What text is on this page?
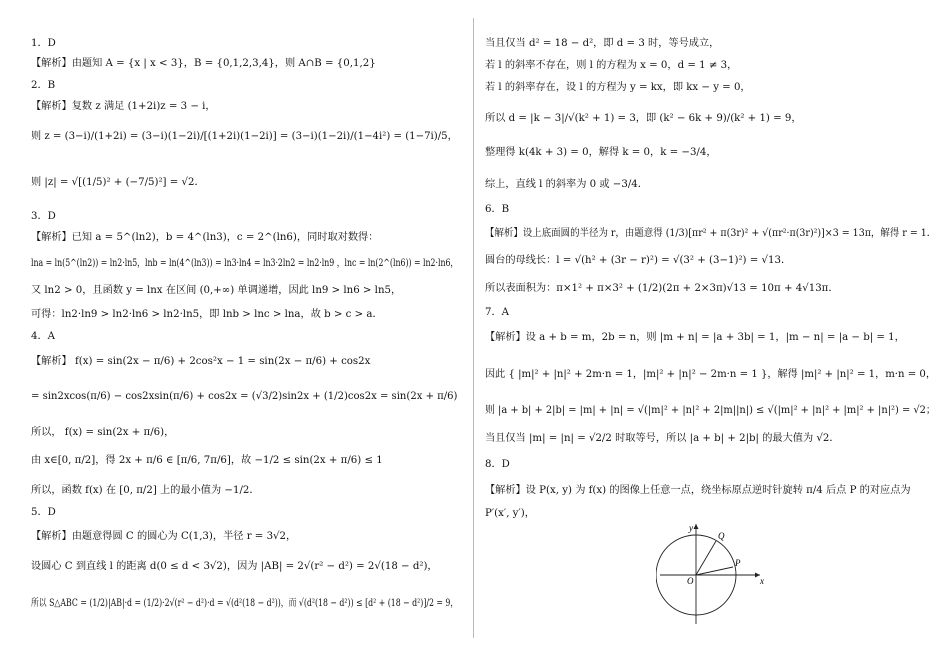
1．D
【解析】由题知 A = {x | x < 3}，B = {0,1,2,3,4}，则 A∩B = {0,1,2}
2．B
【解析】复数 z 满足 (1+2i)z = 3 − i，
则 z = (3−i)/(1+2i) = (3−i)(1−2i)/[(1+2i)(1−2i)] = (3−i)(1−2i)/(1−4i²) = (1−7i)/5，
则 |z| = √[(1/5)² + (−7/5)²] = √2．
3．D
【解析】已知 a = 5^(ln2)，b = 4^(ln3)，c = 2^(ln6)，同时取对数得：
lna = ln(5^(ln2)) = ln2·ln5，lnb = ln(4^(ln3)) = ln3·ln4 = ln3·2ln2 = ln2·ln9 ，lnc = ln(2^(ln6)) = ln2·ln6，
又 ln2 > 0，且函数 y = lnx 在区间 (0,+∞) 单调递增，因此 ln9 > ln6 > ln5，
可得：ln2·ln9 > ln2·ln6 > ln2·ln5，即 lnb > lnc > lna，故 b > c > a．
4．A
【解析】 f(x) = sin(2x − π/6) + 2cos²x − 1 = sin(2x − π/6) + cos2x
= sin2xcos(π/6) − cos2xsin(π/6) + cos2x = (√3/2)sin2x + (1/2)cos2x = sin(2x + π/6)
所以， f(x) = sin(2x + π/6)，
由 x∈[0, π/2]，得 2x + π/6 ∈ [π/6, 7π/6]，故 −1/2 ≤ sin(2x + π/6) ≤ 1
所以，函数 f(x) 在 [0, π/2] 上的最小值为 −1/2．
5．D
【解析】由题意得圆 C 的圆心为 C(1,3)，半径 r = 3√2，
设圆心 C 到直线 l 的距离 d(0 ≤ d < 3√2)，因为 |AB| = 2√(r² − d²) = 2√(18 − d²)，
所以 S△ABC = (1/2)|AB|·d = (1/2)·2√(r² − d²)·d = √(d²(18 − d²))，而 √(d²(18 − d²)) ≤ [d² + (18 − d²)]/2 = 9，
当且仅当 d² = 18 − d²，即 d = 3 时，等号成立，
若 l 的斜率不存在，则 l 的方程为 x = 0，d = 1 ≠ 3，
若 l 的斜率存在，设 l 的方程为 y = kx，即 kx − y = 0，
所以 d = |k − 3|/√(k² + 1) = 3，即 (k² − 6k + 9)/(k² + 1) = 9，
整理得 k(4k + 3) = 0，解得 k = 0，k = −3/4，
综上，直线 l 的斜率为 0 或 −3/4．
6．B
【解析】设上底面圆的半径为 r，由题意得 (1/3)[πr² + π(3r)² + √(πr²·π(3r)²)]×3 = 13π，解得 r = 1．
圆台的母线长：l = √(h² + (3r − r)²) = √(3² + (3−1)²) = √13．
所以表面积为：π×1² + π×3² + (1/2)(2π + 2×3π)√13 = 10π + 4√13π．
7．A
【解析】设 a + b = m，2b = n，则 |m + n| = |a + 3b| = 1，|m − n| = |a − b| = 1，
因此 { |m|² + |n|² + 2m·n = 1，|m|² + |n|² − 2m·n = 1 }，解得 |m|² + |n|² = 1，m·n = 0，
则 |a + b| + 2|b| = |m| + |n| = √(|m|² + |n|² + 2|m||n|) ≤ √(|m|² + |n|² + |m|² + |n|²) = √2；
当且仅当 |m| = |n| = √2/2 时取等号，所以 |a + b| + 2|b| 的最大值为 √2．
8．D
【解析】设 P(x, y) 为 f(x) 的图像上任意一点，绕坐标原点逆时针旋转 π/4 后点 P 的对应点为
P′(x′, y′)，
y
x
O
P
Q
